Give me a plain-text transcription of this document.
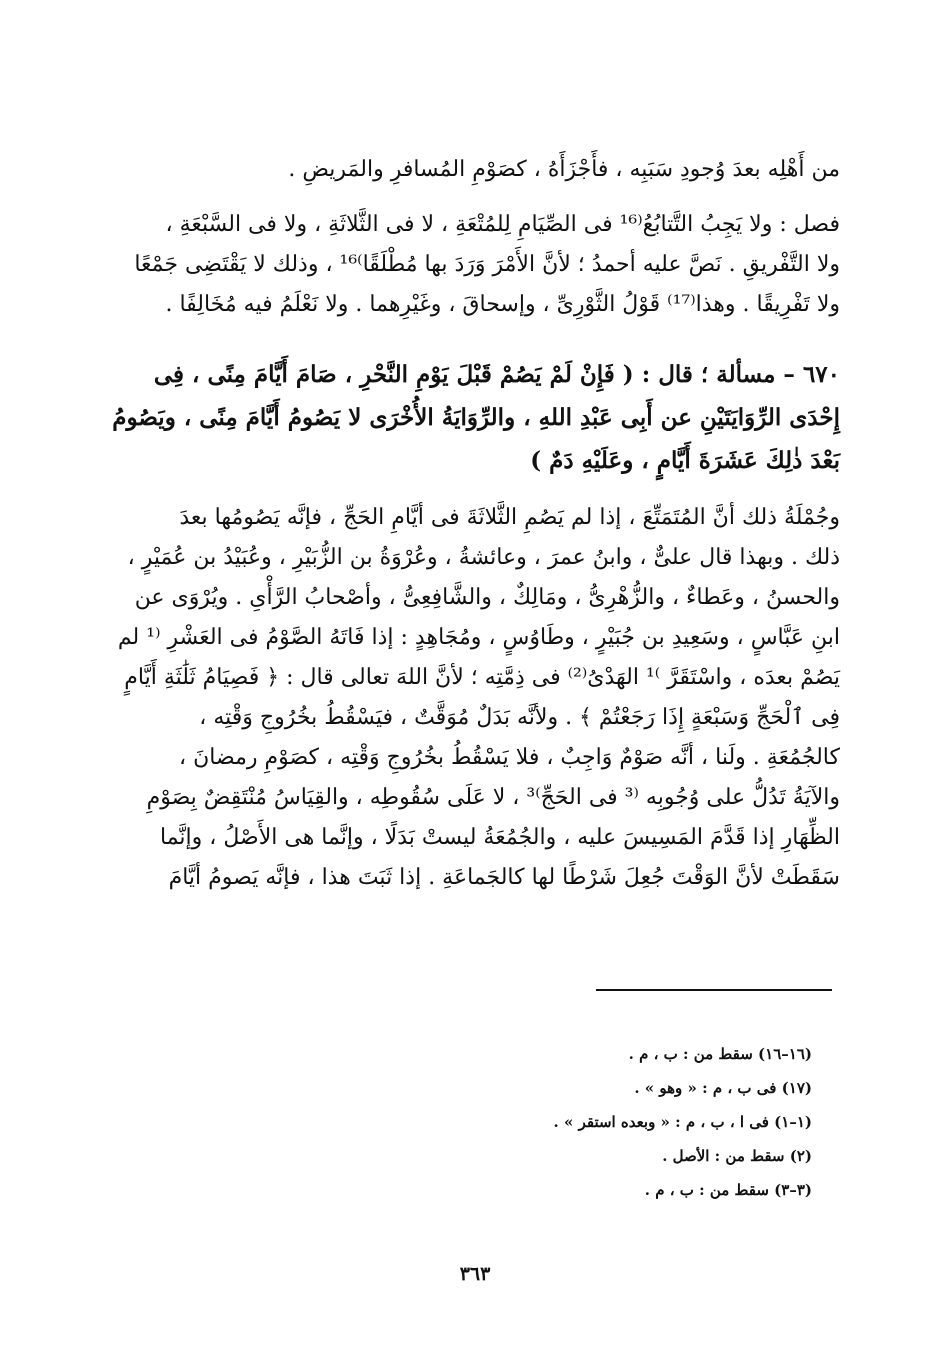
من أَهْلِه بعدَ وُجودِ سَبَبِه ، فأَجْزَأَهُ ، كصَوْمِ المُسافرِ والمَريضِ .
فصل : ولا يَجِبُ التَّتابُعُ⁽¹⁶ فى الصِّيَامِ لِلمُتْعَةِ ، لا فى الثَّلاثَةِ ، ولا فى السَّبْعَةِ ،
ولا التَّفْريقِ . نَصَّ عليه أحمدُ ؛ لأنَّ الأَمْرَ وَرَدَ بها مُطْلَقًا⁾¹⁶ ، وذلك لا يَقْتَضِى جَمْعًا
ولا تَفْرِيقًا . وهذا⁽¹⁷⁾ قَوْلُ الثَّوْرِىِّ ، وإسحاقَ ، وغَيْرِهما . ولا نَعْلَمُ فيه مُخَالِفًا .
٦٧٠ – مسألة ؛ قال : ( فَإِنْ لَمْ يَصُمْ قَبْلَ يَوْمِ النَّحْرِ ، صَامَ أَيَّامَ مِنًى ، فِى
إِحْدَى الرِّوَايَتَيْنِ عن أَبِى عَبْدِ اللهِ ، والرِّوَايَةُ الأُخْرَى لا يَصُومُ أَيَّامَ مِنًى ، ويَصُومُ
بَعْدَ ذٰلِكَ عَشَرَةَ أَيَّامٍ ، وعَلَيْهِ دَمٌ )
وجُمْلَةُ ذلك أنَّ المُتَمَتِّعَ ، إذا لم يَصُمِ الثَّلاثَةَ فى أيَّامِ الحَجِّ ، فإنَّه يَصُومُها بعدَ
ذلك . وبهذا قال علىٌّ ، وابنُ عمرَ ، وعائشةُ ، وعُرْوَةُ بن الزُّبَيْرِ ، وعُبَيْدُ بن عُمَيْرٍ ،
والحسنُ ، وعَطاءٌ ، والزُّهْرِىُّ ، ومَالِكٌ ، والشَّافِعِىُّ ، وأصْحابُ الرَّأْىِ . ويُرْوَى عن
ابنِ عَبَّاسٍ ، وسَعِيدِ بن جُبَيْرٍ ، وطَاوُسٍ ، ومُجَاهِدٍ : إذا فَاتَهُ الصَّوْمُ فى العَشْرِ ⁽¹ لم
يَصُمْ بعدَه ، واسْتَقَرَّ ⁾¹ الهَدْىُ⁽²⁾ فى ذِمَّتِه ؛ لأنَّ اللهَ تعالى قال : ﴿ فَصِيَامُ ثَلَٰثَةِ أَيَّامٍ
فِى ٱلْحَجِّ وَسَبْعَةٍ إِذَا رَجَعْتُمْ ﴾ . ولأنَّه بَدَلٌ مُوَقَّتٌ ، فيَسْقُطُ بخُرُوجِ وَقْتِه ،
كالجُمُعَةِ . ولَنا ، أنَّه صَوْمٌ وَاجِبٌ ، فلا يَسْقُطُ بخُرُوجِ وَقْتِه ، كصَوْمِ رمضانَ ،
والآيَةُ تَدُلُّ على وُجُوبِه ⁽³ فى الحَجِّ⁾³ ، لا عَلَى سُقُوطِه ، والقِيَاسُ مُنْتَقِضٌ بِصَوْمِ
الظِّهَارِ إذا قَدَّمَ المَسِيسَ عليه ، والجُمُعَةُ ليستْ بَدَلًا ، وإنَّما هى الأَصْلُ ، وإنَّما
سَقَطَتْ لأنَّ الوَقْتَ جُعِلَ شَرْطًا لها كالجَماعَةِ . إذا ثَبَتَ هذا ، فإنَّه يَصومُ أيَّامَ
(١٦–١٦) سقط من : ب ، م .
(١٧) فى ب ، م : « وهو » .
(١–١) فى ا ، ب ، م : « وبعده استقر » .
(٢) سقط من : الأصل .
(٣–٣) سقط من : ب ، م .
٣٦٣
